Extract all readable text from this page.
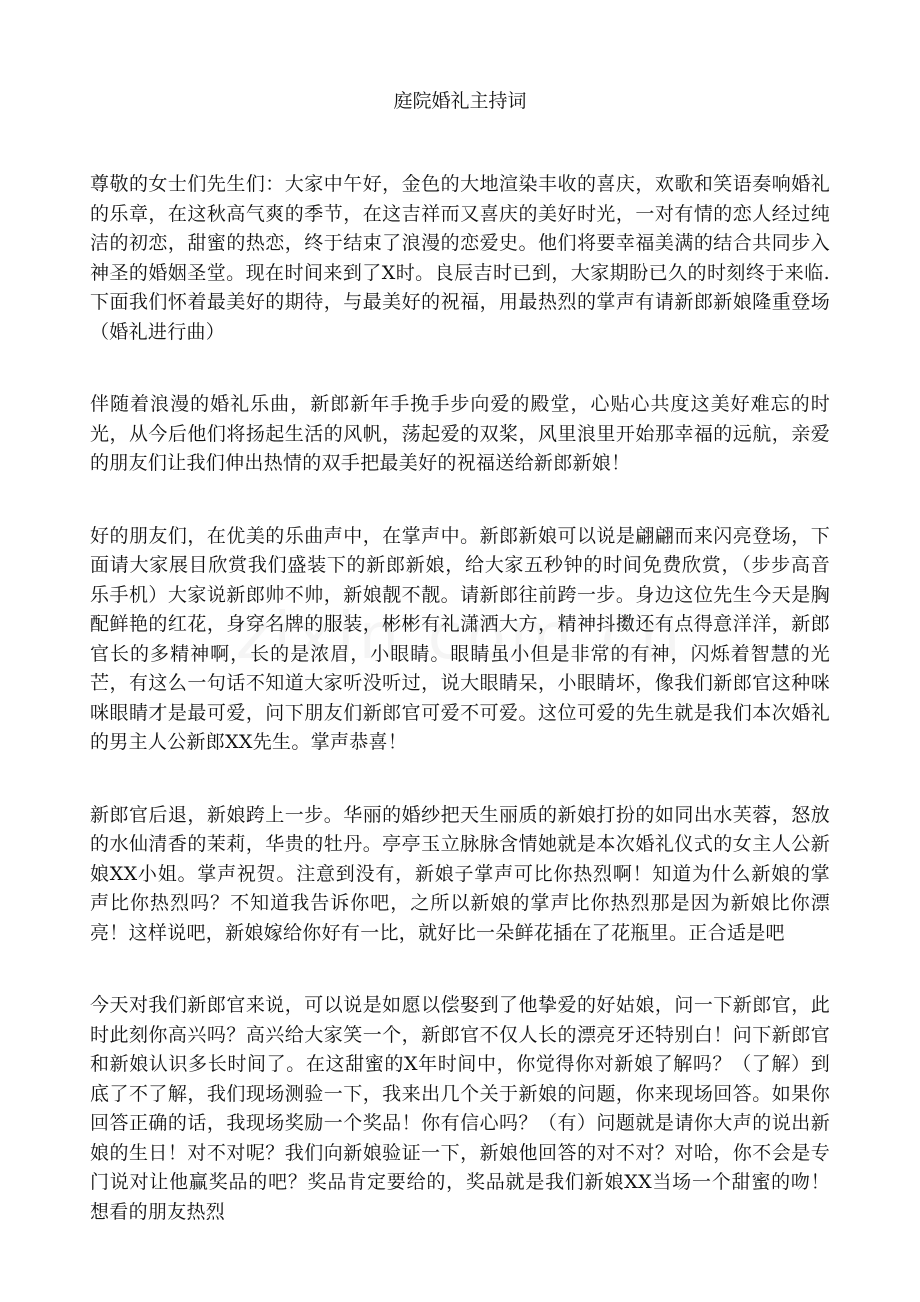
庭院婚礼主持词

尊敬的女士们先生们：大家中午好，金色的大地渲染丰收的喜庆，欢歌和笑语奏响婚礼的乐章，在这秋高气爽的季节，在这吉祥而又喜庆的美好时光，一对有情的恋人经过纯洁的初恋，甜蜜的热恋，终于结束了浪漫的恋爱史。他们将要幸福美满的结合共同步入神圣的婚姻圣堂。现在时间来到了X时。良辰吉时已到，大家期盼已久的时刻终于来临.下面我们怀着最美好的期待，与最美好的祝福，用最热烈的掌声有请新郎新娘隆重登场（婚礼进行曲）

伴随着浪漫的婚礼乐曲，新郎新年手挽手步向爱的殿堂，心贴心共度这美好难忘的时光，从今后他们将扬起生活的风帆，荡起爱的双桨，风里浪里开始那幸福的远航，亲爱的朋友们让我们伸出热情的双手把最美好的祝福送给新郎新娘！

好的朋友们，在优美的乐曲声中，在掌声中。新郎新娘可以说是翩翩而来闪亮登场，下面请大家展目欣赏我们盛装下的新郎新娘，给大家五秒钟的时间免费欣赏，（步步高音乐手机）大家说新郎帅不帅，新娘靓不靓。请新郎往前跨一步。身边这位先生今天是胸配鲜艳的红花，身穿名牌的服装，彬彬有礼潇洒大方，精神抖擞还有点得意洋洋，新郎官长的多精神啊，长的是浓眉，小眼睛。眼睛虽小但是非常的有神，闪烁着智慧的光芒，有这么一句话不知道大家听没听过，说大眼睛呆，小眼睛坏，像我们新郎官这种咪咪眼睛才是最可爱，问下朋友们新郎官可爱不可爱。这位可爱的先生就是我们本次婚礼的男主人公新郎XX先生。掌声恭喜！

新郎官后退，新娘跨上一步。华丽的婚纱把天生丽质的新娘打扮的如同出水芙蓉，怒放的水仙清香的茉莉，华贵的牡丹。亭亭玉立脉脉含情她就是本次婚礼仪式的女主人公新娘XX小姐。掌声祝贺。注意到没有，新娘子掌声可比你热烈啊！知道为什么新娘的掌声比你热烈吗？不知道我告诉你吧，之所以新娘的掌声比你热烈那是因为新娘比你漂亮！这样说吧，新娘嫁给你好有一比，就好比一朵鲜花插在了花瓶里。正合适是吧

今天对我们新郎官来说，可以说是如愿以偿娶到了他挚爱的好姑娘，问一下新郎官，此时此刻你高兴吗？高兴给大家笑一个，新郎官不仅人长的漂亮牙还特别白！问下新郎官和新娘认识多长时间了。在这甜蜜的X年时间中，你觉得你对新娘了解吗？（了解）到底了不了解，我们现场测验一下，我来出几个关于新娘的问题，你来现场回答。如果你回答正确的话，我现场奖励一个奖品！你有信心吗？（有）问题就是请你大声的说出新娘的生日！对不对呢？我们向新娘验证一下，新娘他回答的对不对？对哈，你不会是专门说对让他赢奖品的吧？奖品肯定要给的，奖品就是我们新娘XX当场一个甜蜜的吻！想看的朋友热烈
